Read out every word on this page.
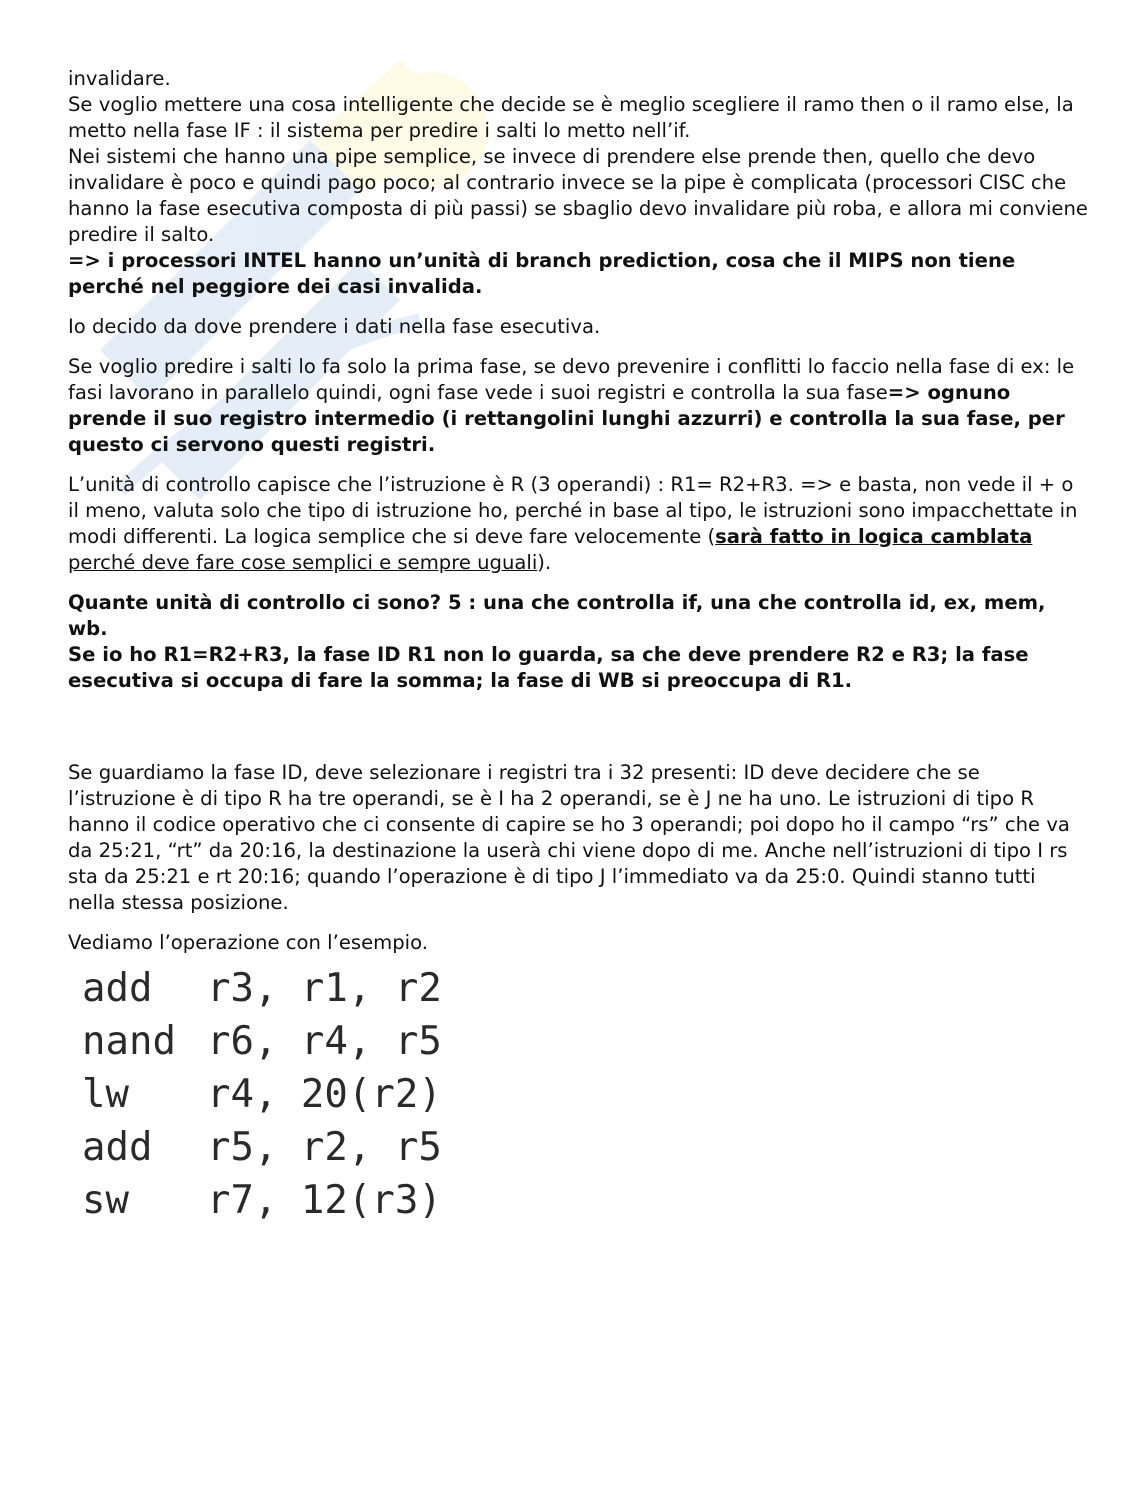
invalidare.

Se voglio mettere una cosa intelligente che decide se è meglio scegliere il ramo then o il ramo else, la metto nella fase IF : il sistema per predire i salti lo metto nell’if.

Nei sistemi che hanno una pipe semplice, se invece di prendere else prende then, quello che devo invalidare è poco e quindi pago poco; al contrario invece se la pipe è complicata (processori CISC che hanno la fase esecutiva composta di più passi) se sbaglio devo invalidare più roba, e allora mi conviene predire il salto.

=> i processori INTEL hanno un’unità di branch prediction, cosa che il MIPS non tiene perché nel peggiore dei casi invalida.

Io decido da dove prendere i dati nella fase esecutiva.

Se voglio predire i salti lo fa solo la prima fase, se devo prevenire i conflitti lo faccio nella fase di ex: le fasi lavorano in parallelo quindi, ogni fase vede i suoi registri e controlla la sua fase=> ognuno prende il suo registro intermedio (i rettangolini lunghi azzurri) e controlla la sua fase, per questo ci servono questi registri.

L’unità di controllo capisce che l’istruzione è R (3 operandi) : R1= R2+R3. => e basta, non vede il + o il meno, valuta solo che tipo di istruzione ho, perché in base al tipo, le istruzioni sono impacchettate in modi differenti. La logica semplice che si deve fare velocemente (sarà fatto in logica camblata perché deve fare cose semplici e sempre uguali).

Quante unità di controllo ci sono? 5 : una che controlla if, una che controlla id, ex, mem, wb.

Se io ho R1=R2+R3, la fase ID R1 non lo guarda, sa che deve prendere R2 e R3; la fase esecutiva si occupa di fare la somma; la fase di WB si preoccupa di R1.

Se guardiamo la fase ID, deve selezionare i registri tra i 32 presenti: ID deve decidere che se l’istruzione è di tipo R ha tre operandi, se è I ha 2 operandi, se è J ne ha uno. Le istruzioni di tipo R hanno il codice operativo che ci consente di capire se ho 3 operandi; poi dopo ho il campo “rs” che va da 25:21, “rt” da 20:16, la destinazione la userà chi viene dopo di me. Anche nell’istruzioni di tipo I rs sta da 25:21 e rt 20:16; quando l’operazione è di tipo J l’immediato va da 25:0. Quindi stanno tutti nella stessa posizione.

Vediamo l’operazione con l’esempio.

add	r3, r1, r2
nand r6, r4, r5
lw	r4, 20(r2)
add	r5, r2, r5
sw	r7, 12(r3)
